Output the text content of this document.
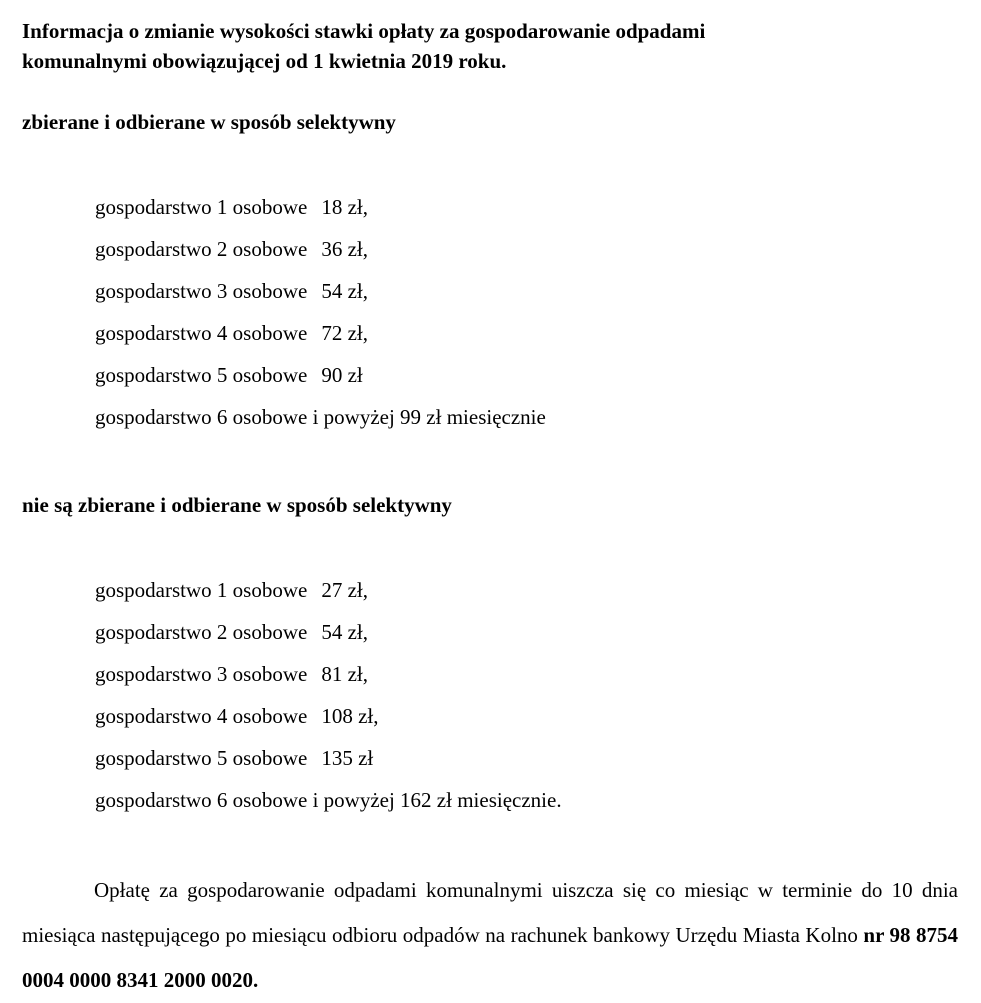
Informacja o zmianie wysokości stawki opłaty za gospodarowanie odpadami
komunalnymi obowiązującej od 1 kwietnia 2019 roku.
zbierane i odbierane w sposób selektywny
gospodarstwo 1 osobowe 18 zł,
gospodarstwo 2 osobowe 36 zł,
gospodarstwo 3 osobowe 54 zł,
gospodarstwo 4 osobowe 72 zł,
gospodarstwo 5 osobowe 90 zł
gospodarstwo 6 osobowe i powyżej 99 zł miesięcznie
nie są zbierane i odbierane w sposób selektywny
gospodarstwo 1 osobowe 27 zł,
gospodarstwo 2 osobowe 54 zł,
gospodarstwo 3 osobowe 81 zł,
gospodarstwo 4 osobowe 108 zł,
gospodarstwo 5 osobowe 135 zł
gospodarstwo 6 osobowe i powyżej 162 zł miesięcznie.

Opłatę za gospodarowanie odpadami komunalnymi uiszcza się co miesiąc w terminie do 10 dnia miesiąca następującego po miesiącu odbioru odpadów na rachunek bankowy Urzędu Miasta Kolno nr 98 8754 0004 0000 8341 2000 0020.
